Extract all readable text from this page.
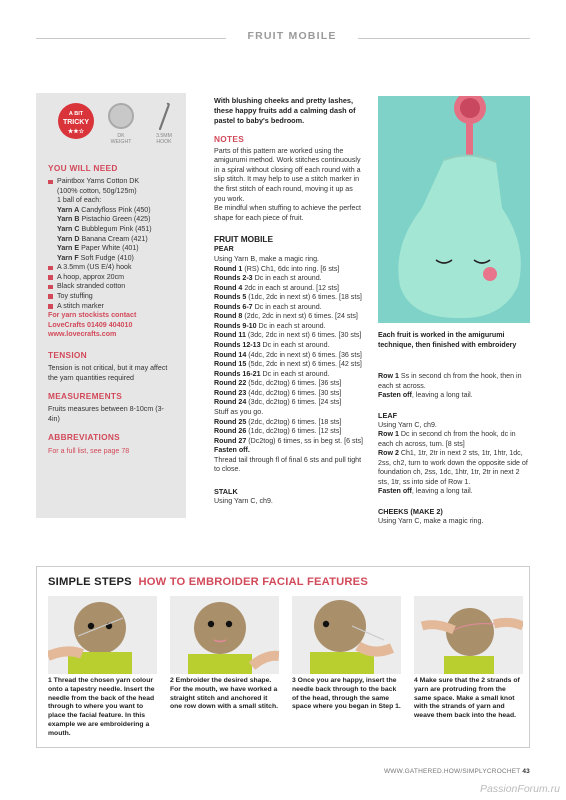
FRUIT MOBILE
A BIT
TRICKY
★★☆
DK
WEIGHT
3.5MM
HOOK
YOU WILL NEED
Paintbox Yarns Cotton DK
(100% cotton, 50g/125m)
1 ball of each:
Yarn A Candyfloss Pink (450)
Yarn B Pistachio Green (425)
Yarn C Bubblegum Pink (451)
Yarn D Banana Cream (421)
Yarn E Paper White (401)
Yarn F Soft Fudge (410)
A 3.5mm (US E/4) hook
A hoop, approx 20cm
Black stranded cotton
Toy stuffing
A stitch marker
For yarn stockists contact
LoveCrafts 01409 404010
www.lovecrafts.com
TENSION
Tension is not critical, but it may affect the yarn quantities required
MEASUREMENTS
Fruits measures between 8-10cm (3-4in)
ABBREVIATIONS
For a full list, see page 78
With blushing cheeks and pretty lashes, these happy fruits add a calming dash of pastel to baby's bedroom.
NOTES
Parts of this pattern are worked using the amigurumi method. Work stitches continuously in a spiral without closing off each round with a slip stitch. It may help to use a stitch marker in the first stitch of each round, moving it up as you work.
Be mindful when stuffing to achieve the perfect shape for each piece of fruit.
FRUIT MOBILE
PEAR
Using Yarn B, make a magic ring.
Round 1 (RS) Ch1, 6dc into ring. [6 sts]
Rounds 2-3 Dc in each st around.
Round 4 2dc in each st around. [12 sts]
Rounds 5 (1dc, 2dc in next st) 6 times. [18 sts]
Rounds 6-7 Dc in each st around.
Round 8 (2dc, 2dc in next st) 6 times. [24 sts]
Rounds 9-10 Dc in each st around.
Round 11 (3dc, 2dc in next st) 6 times. [30 sts]
Rounds 12-13 Dc in each st around.
Round 14 (4dc, 2dc in next st) 6 times. [36 sts]
Round 15 (5dc, 2dc in next st) 6 times. [42 sts]
Rounds 16-21 Dc in each st around.
Round 22 (5dc, dc2tog) 6 times. [36 sts]
Round 23 (4dc, dc2tog) 6 times. [30 sts]
Round 24 (3dc, dc2tog) 6 times. [24 sts]
Stuff as you go.
Round 25 (2dc, dc2tog) 6 times. [18 sts]
Round 26 (1dc, dc2tog) 6 times. [12 sts]
Round 27 (Dc2tog) 6 times, ss in beg st. [6 sts]
Fasten off.
Thread tail through fl of final 6 sts and pull tight to close.
STALK
Using Yarn C, ch9.
Each fruit is worked in the amigurumi technique, then finished with embroidery
Row 1 Ss in second ch from the hook, then in each st across.
Fasten off, leaving a long tail.
LEAF
Using Yarn C, ch9.
Row 1 Dc in second ch from the hook, dc in each ch across, turn. [8 sts]
Row 2 Ch1, 1tr, 2tr in next 2 sts, 1tr, 1htr, 1dc, 2ss, ch2, turn to work down the opposite side of foundation ch, 2ss, 1dc, 1htr, 1tr, 2tr in next 2 sts, 1tr, ss into side of Row 1.
Fasten off, leaving a long tail.
CHEEKS (MAKE 2)
Using Yarn C, make a magic ring.
SIMPLE STEPS HOW TO EMBROIDER FACIAL FEATURES
1 Thread the chosen yarn colour onto a tapestry needle. Insert the needle from the back of the head through to where you want to place the facial feature. In this example we are embroidering a mouth.
2 Embroider the desired shape. For the mouth, we have worked a straight stitch and anchored it one row down with a small stitch.
3 Once you are happy, insert the needle back through to the back of the head, through the same space where you began in Step 1.
4 Make sure that the 2 strands of yarn are protruding from the same space. Make a small knot with the strands of yarn and weave them back into the head.
WWW.GATHERED.HOW/SIMPLYCROCHET 43
PassionForum.ru
